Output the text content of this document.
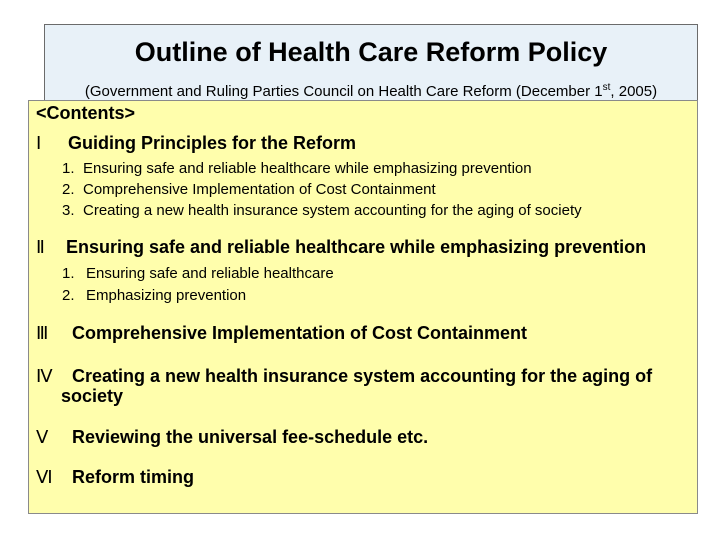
Outline of Health Care Reform Policy
(Government and Ruling Parties Council on Health Care Reform (December 1st, 2005)
<Contents>
Ⅰ Guiding Principles for the Reform
1. Ensuring safe and reliable healthcare while emphasizing prevention
2. Comprehensive Implementation of Cost Containment
3. Creating a new health insurance system accounting for the aging of society
Ⅱ Ensuring safe and reliable healthcare while emphasizing prevention
1. Ensuring safe and reliable healthcare
2. Emphasizing prevention
Ⅲ Comprehensive Implementation of Cost Containment
Ⅳ Creating a new health insurance system accounting for the aging of
society
Ⅴ Reviewing the universal fee-schedule etc.
Ⅵ Reform timing
